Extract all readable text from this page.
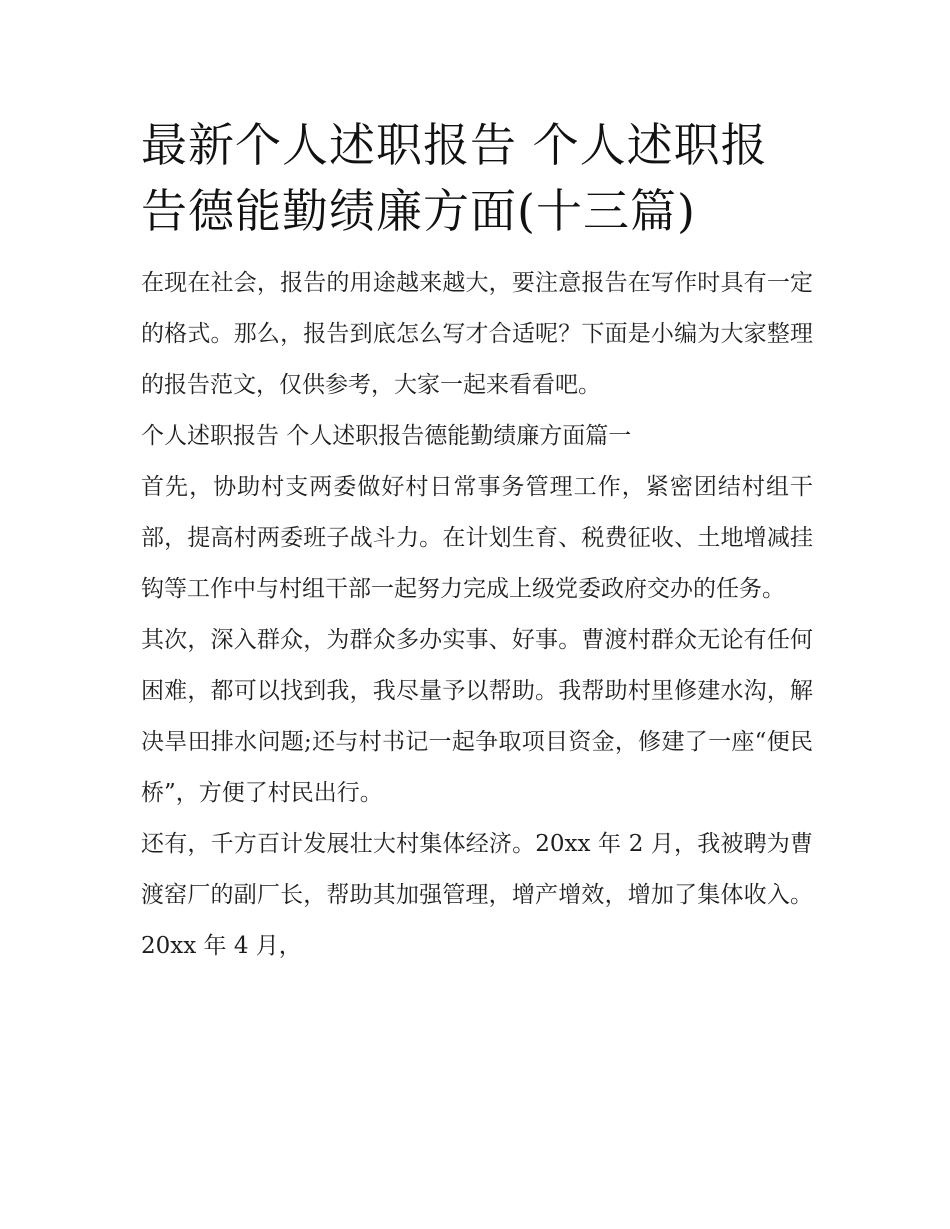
最新个人述职报告 个人述职报告德能勤绩廉方面(十三篇)

在现在社会，报告的用途越来越大，要注意报告在写作时具有一定的格式。那么，报告到底怎么写才合适呢？下面是小编为大家整理的报告范文，仅供参考，大家一起来看看吧。

个人述职报告 个人述职报告德能勤绩廉方面篇一

首先，协助村支两委做好村日常事务管理工作，紧密团结村组干部，提高村两委班子战斗力。在计划生育、税费征收、土地增减挂钩等工作中与村组干部一起努力完成上级党委政府交办的任务。

其次，深入群众，为群众多办实事、好事。曹渡村群众无论有任何困难，都可以找到我，我尽量予以帮助。我帮助村里修建水沟，解决旱田排水问题;还与村书记一起争取项目资金，修建了一座“便民桥”，方便了村民出行。

还有，千方百计发展壮大村集体经济。20xx 年 2 月，我被聘为曹渡窑厂的副厂长，帮助其加强管理，增产增效，增加了集体收入。 20xx 年 4 月，
